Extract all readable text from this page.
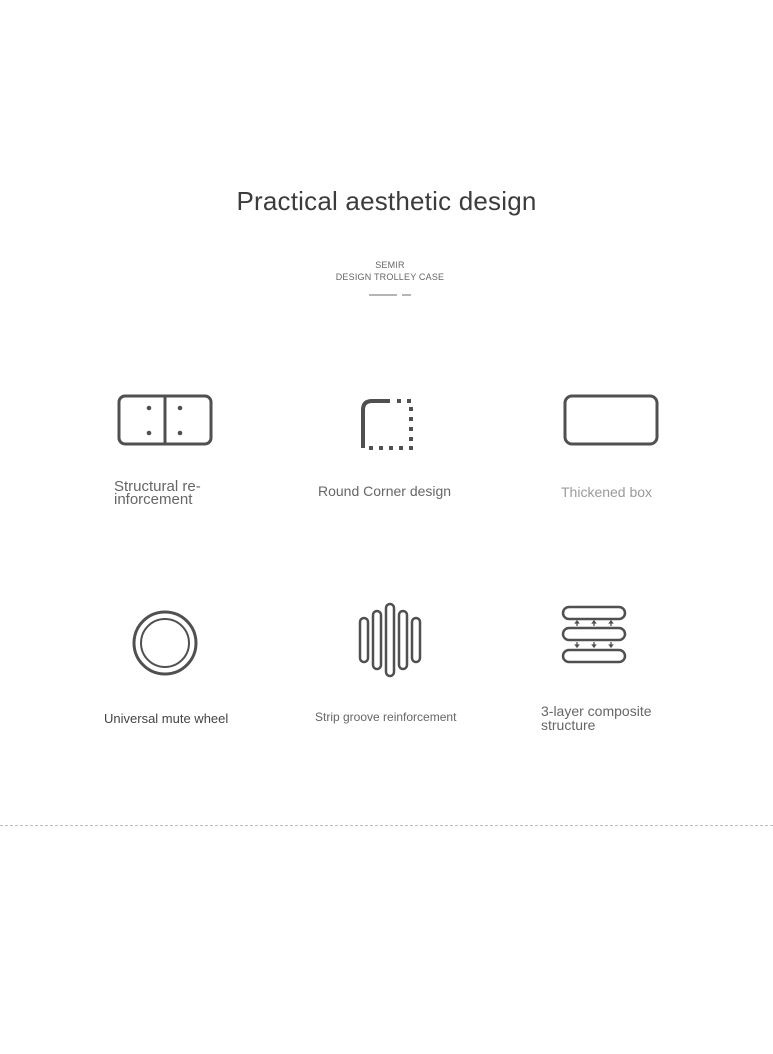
Practical aesthetic design
SEMIR
DESIGN TROLLEY CASE
Structural re-
inforcement	Round Corner design	Thickened box
Universal mute wheel	Strip groove reinforcement	3-layer composite
structure
